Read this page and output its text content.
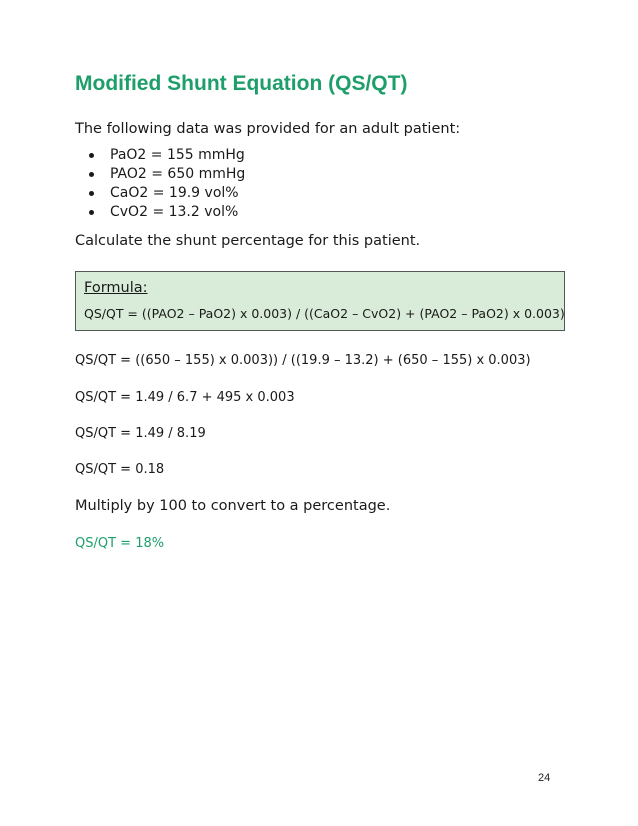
Modified Shunt Equation (QS/QT)

The following data was provided for an adult patient:

PaO2 = 155 mmHg
PAO2 = 650 mmHg
CaO2 = 19.9 vol%
CvO2 = 13.2 vol%

Calculate the shunt percentage for this patient.

Formula:
QS/QT = ((PAO2 – PaO2) x 0.003) / ((CaO2 – CvO2) + (PAO2 – PaO2) x 0.003)

QS/QT = ((650 – 155) x 0.003)) / ((19.9 – 13.2) + (650 – 155) x 0.003)

QS/QT = 1.49 / 6.7 + 495 x 0.003

QS/QT = 1.49 / 8.19

QS/QT = 0.18

Multiply by 100 to convert to a percentage.

QS/QT = 18%

24
